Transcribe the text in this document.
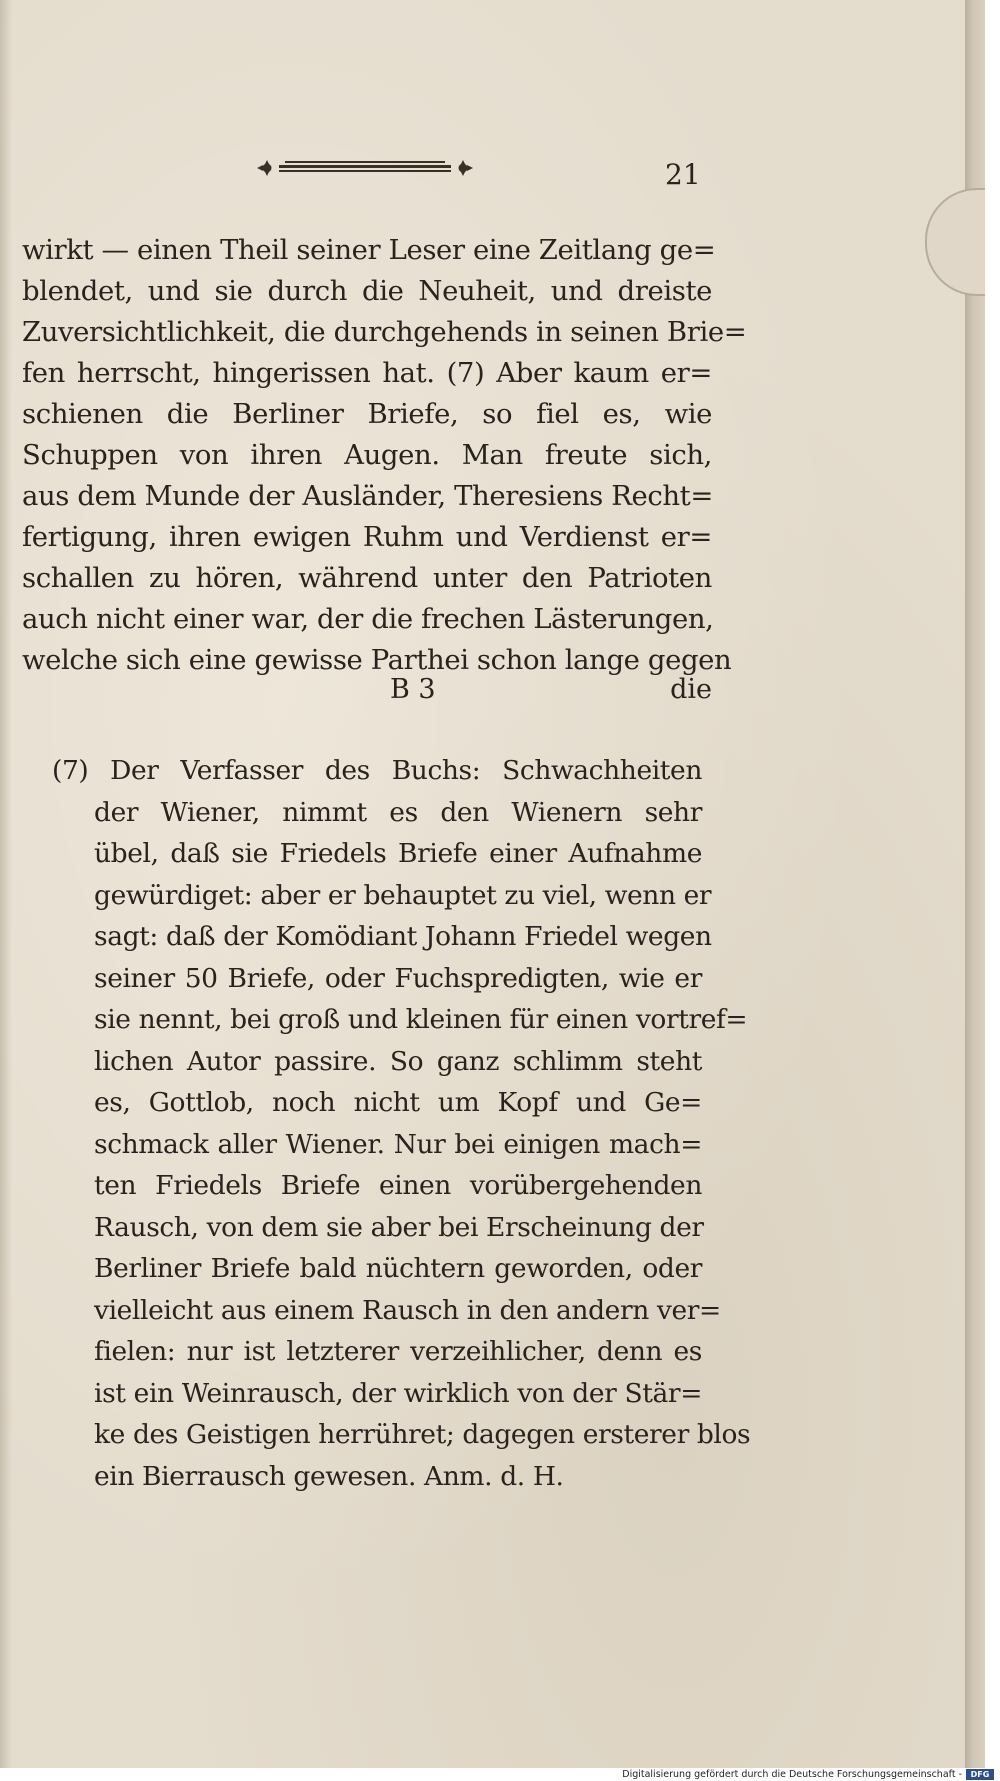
21
wirkt — einen Theil seiner Leser eine Zeitlang ge=
blendet, und sie durch die Neuheit, und dreiste
Zuversichtlichkeit, die durchgehends in seinen Brie=
fen herrscht, hingerissen hat. (7) Aber kaum er=
schienen die Berliner Briefe, so fiel es, wie
Schuppen von ihren Augen. Man freute sich,
aus dem Munde der Ausländer, Theresiens Recht=
fertigung, ihren ewigen Ruhm und Verdienst er=
schallen zu hören, während unter den Patrioten
auch nicht einer war, der die frechen Lästerungen,
welche sich eine gewisse Parthei schon lange gegen
B 3	die
(7) Der Verfasser des Buchs: Schwachheiten
der Wiener, nimmt es den Wienern sehr
übel, daß sie Friedels Briefe einer Aufnahme
gewürdiget: aber er behauptet zu viel, wenn er
sagt: daß der Komödiant Johann Friedel wegen
seiner 50 Briefe, oder Fuchspredigten, wie er
sie nennt, bei groß und kleinen für einen vortref=
lichen Autor passire. So ganz schlimm steht
es, Gottlob, noch nicht um Kopf und Ge=
schmack aller Wiener. Nur bei einigen mach=
ten Friedels Briefe einen vorübergehenden
Rausch, von dem sie aber bei Erscheinung der
Berliner Briefe bald nüchtern geworden, oder
vielleicht aus einem Rausch in den andern ver=
fielen: nur ist letzterer verzeihlicher, denn es
ist ein Weinrausch, der wirklich von der Stär=
ke des Geistigen herrühret; dagegen ersterer blos
ein Bierrausch gewesen. Anm. d. H.
Digitalisierung gefördert durch die Deutsche Forschungsgemeinschaft -	DFG
